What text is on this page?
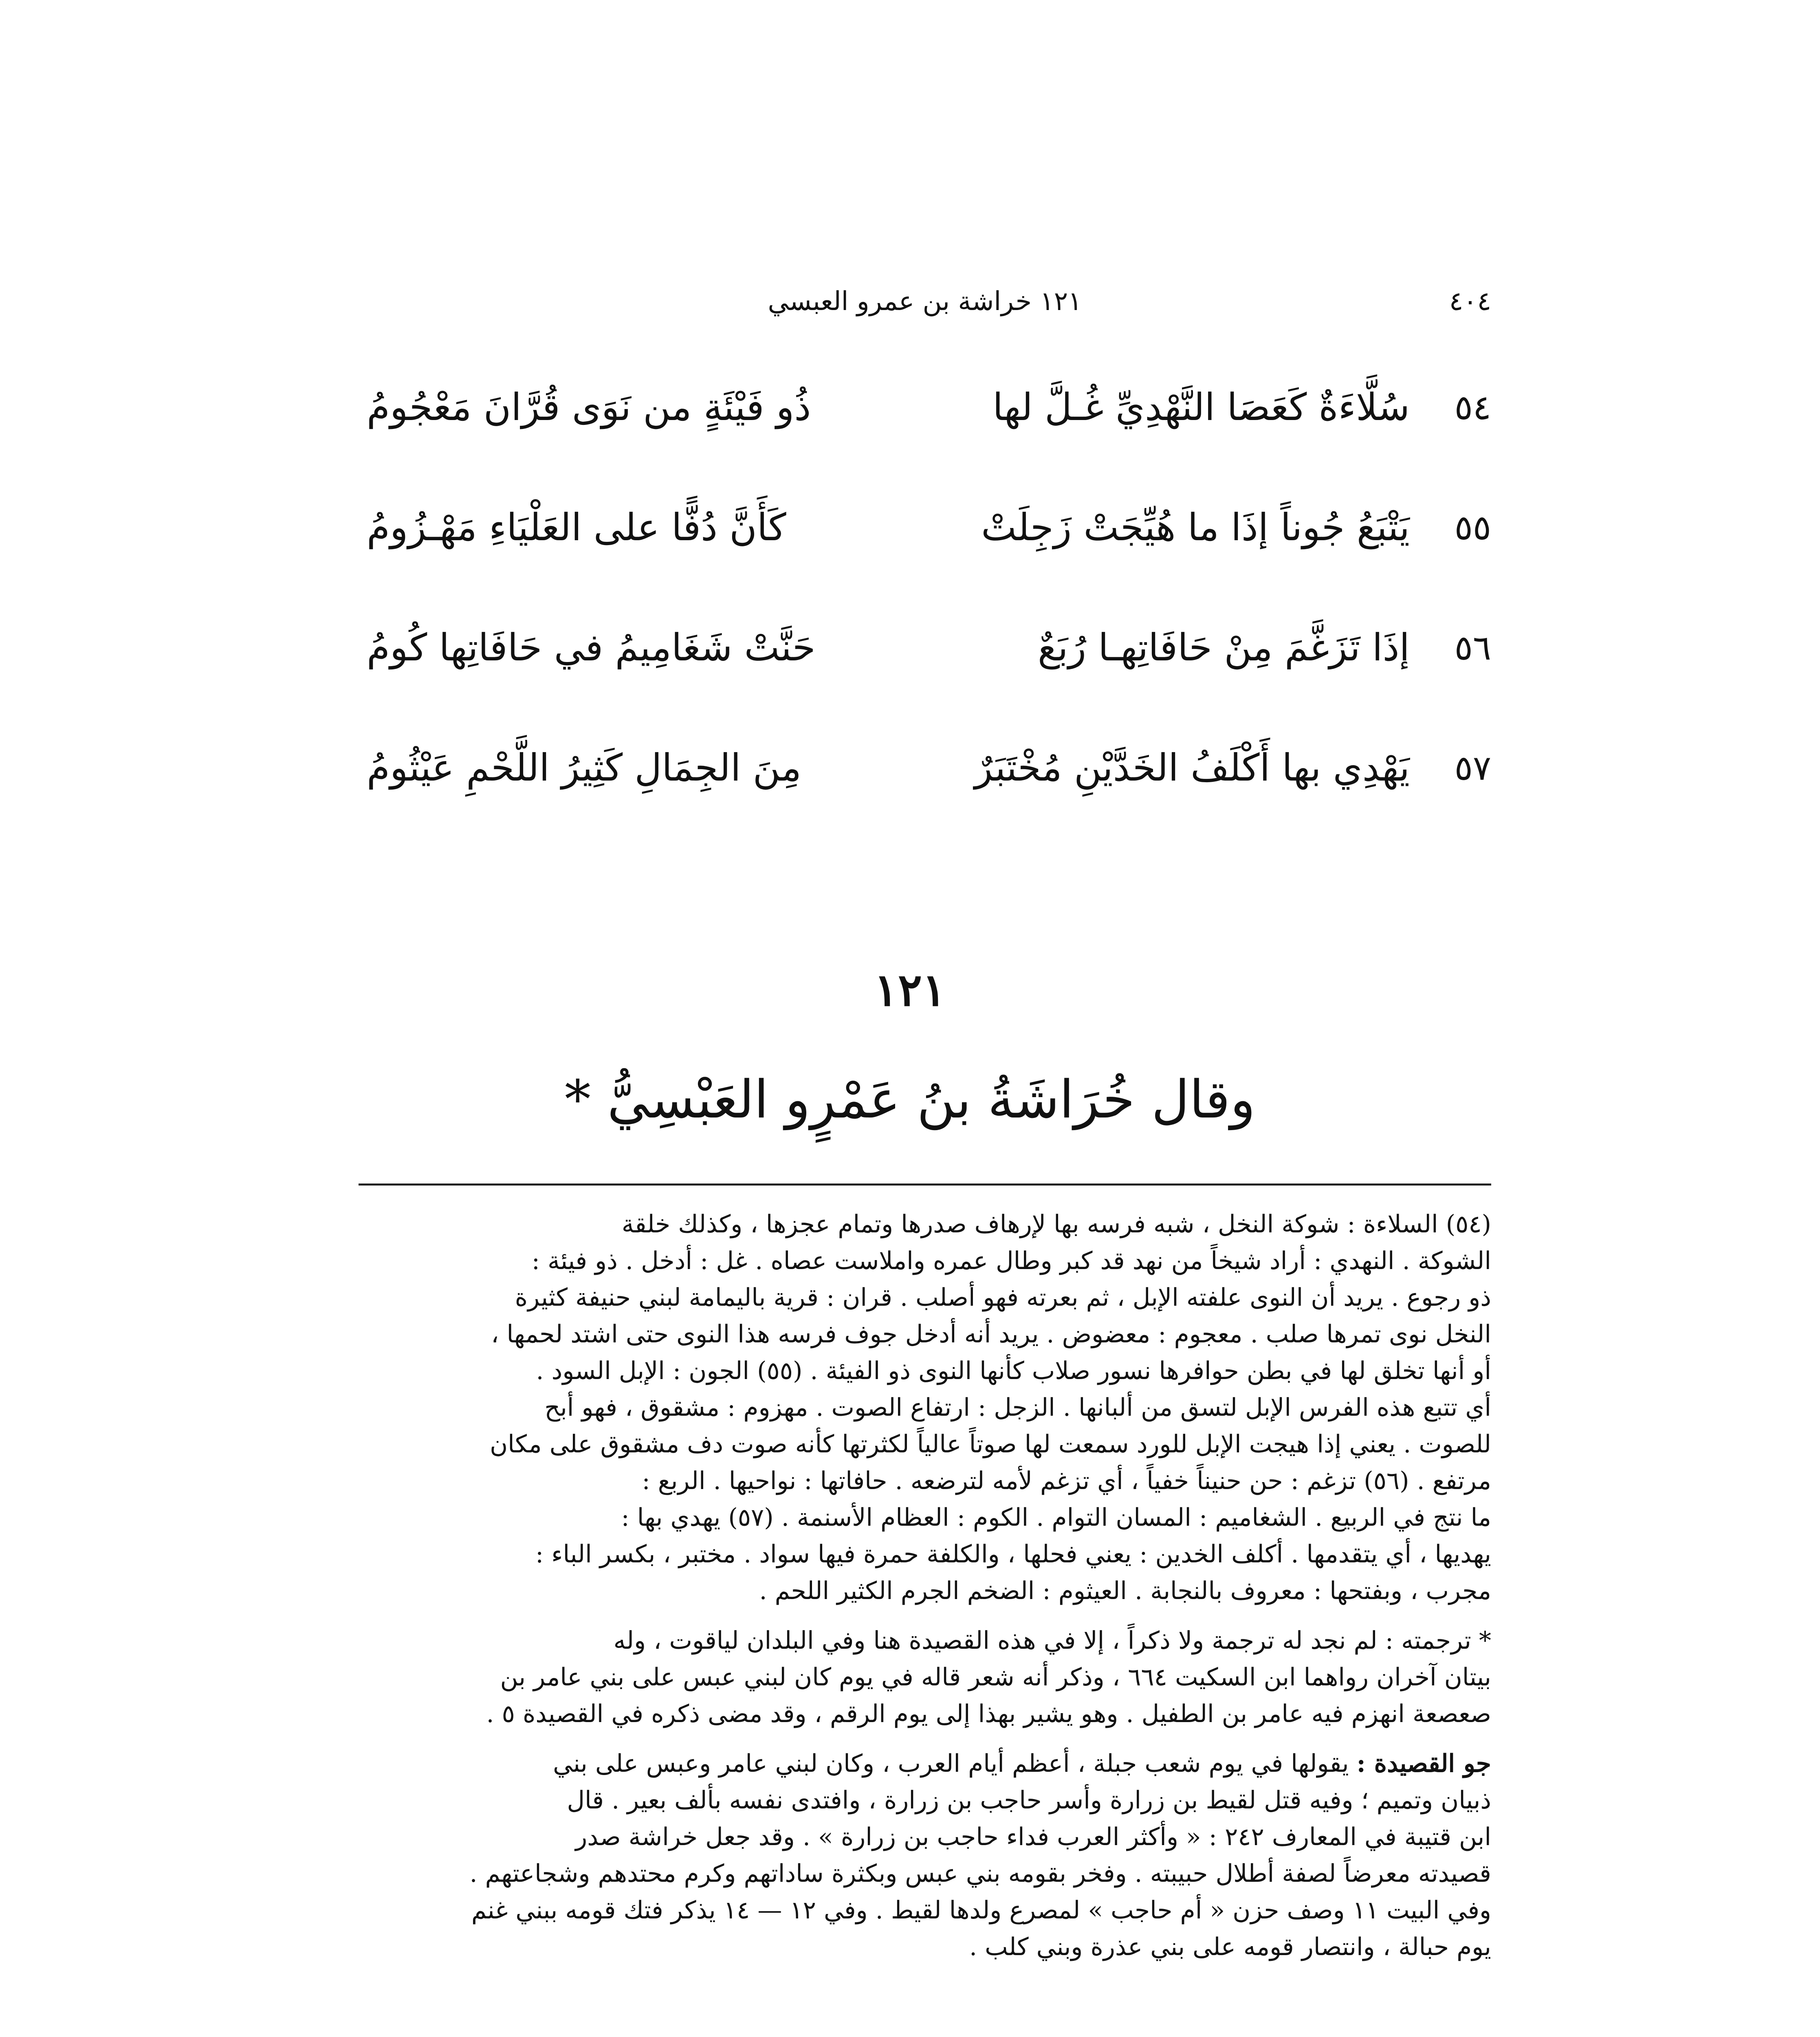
٤٠٤
١٢١ خراشة بن عمرو العبسي
٥٤
سُلَّاءَةٌ كَعَصَا النَّهْدِيِّ غُـلَّ لها
ذُو فَيْئَةٍ من نَوَى قُرَّانَ مَعْجُومُ
٥٥
يَتْبَعُ جُوناً إذَا ما هُيِّجَتْ زَجِلَتْ
كَأَنَّ دُفًّا على العَلْيَاءِ مَهْـزُومُ
٥٦
إذَا تَزَغَّمَ مِنْ حَافَاتِهـا رُبَعٌ
حَنَّتْ شَغَامِيمُ في حَافَاتِها كُومُ
٥٧
يَهْدِي بها أَكْلَفُ الخَدَّيْنِ مُخْتَبَرٌ
مِنَ الجِمَالِ كَثِيرُ اللَّحْمِ عَيْثُومُ
١٢١
وقال خُرَاشَةُ بنُ عَمْرٍو العَبْسِيُّ *

(٥٤) السلاءة : شوكة النخل ، شبه فرسه بها لإرهاف صدرها وتمام عجزها ، وكذلك خلقة

الشوكة . النهدي : أراد شيخاً من نهد قد كبر وطال عمره واملاست عصاه . غل : أدخل . ذو فيئة :

ذو رجوع . يريد أن النوى علفته الإبل ، ثم بعرته فهو أصلب . قران : قرية باليمامة لبني حنيفة كثيرة

النخل نوى تمرها صلب . معجوم : معضوض . يريد أنه أدخل جوف فرسه هذا النوى حتى اشتد لحمها ،

أو أنها تخلق لها في بطن حوافرها نسور صلاب كأنها النوى ذو الفيئة . (٥٥) الجون : الإبل السود .

أي تتبع هذه الفرس الإبل لتسق من ألبانها . الزجل : ارتفاع الصوت . مهزوم : مشقوق ، فهو أبح

للصوت . يعني إذا هيجت الإبل للورد سمعت لها صوتاً عالياً لكثرتها كأنه صوت دف مشقوق على مكان

مرتفع . (٥٦) تزغم : حن حنيناً خفياً ، أي تزغم لأمه لترضعه . حافاتها : نواحيها . الربع :

ما نتج في الربيع . الشغاميم : المسان التوام . الكوم : العظام الأسنمة . (٥٧) يهدي بها :

يهديها ، أي يتقدمها . أكلف الخدين : يعني فحلها ، والكلفة حمرة فيها سواد . مختبر ، بكسر الباء :

مجرب ، وبفتحها : معروف بالنجابة . العيثوم : الضخم الجرم الكثير اللحم .

* ترجمته : لم نجد له ترجمة ولا ذكراً ، إلا في هذه القصيدة هنا وفي البلدان لياقوت ، وله

بيتان آخران رواهما ابن السكيت ٦٦٤ ، وذكر أنه شعر قاله في يوم كان لبني عبس على بني عامر بن

صعصعة انهزم فيه عامر بن الطفيل . وهو يشير بهذا إلى يوم الرقم ، وقد مضى ذكره في القصيدة ٥ .

جو القصيدة : يقولها في يوم شعب جبلة ، أعظم أيام العرب ، وكان لبني عامر وعبس على بني

ذبيان وتميم ؛ وفيه قتل لقيط بن زرارة وأسر حاجب بن زرارة ، وافتدى نفسه بألف بعير . قال

ابن قتيبة في المعارف ٢٤٢ : « وأكثر العرب فداء حاجب بن زرارة » . وقد جعل خراشة صدر

قصيدته معرضاً لصفة أطلال حبيبته . وفخر بقومه بني عبس وبكثرة ساداتهم وكرم محتدهم وشجاعتهم .

وفي البيت ١١ وصف حزن « أم حاجب » لمصرع ولدها لقيط . وفي ١٢ — ١٤ يذكر فتك قومه ببني غنم

يوم حبالة ، وانتصار قومه على بني عذرة وبني كلب .
